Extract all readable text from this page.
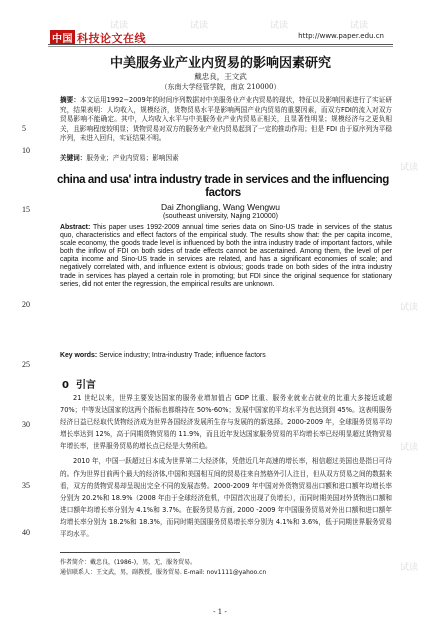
中国 科技论文在线	http://www.paper.edu.cn
试读	试读	试读	试读
试读
试读
试读
试读
5
10
15
20
25
30
35
40
中美服务业产业内贸易的影响因素研究
戴忠良，王文武
（东南大学经管学院，南京 210000）
摘要：本文运用1992−2009年的时间序列数据对中美服务业产业内贸易的现状，特征以及影响因素进行了实证研究，结果表明：人均收入，规模经济，货物贸易水平是影响两国产业内贸易的重要因素，而双方FDI的流入对双方贸易影响不能确定。其中，人均收入水平与中美服务业产业内贸易正相关，且显著性明显；规模经济与之更负相关，且影响程度较明显；货物贸易对双方的服务业产业内贸易起到了一定的推动作用；但是 FDI 由于原序列为平稳序列，未进入回归，实证结果不明。
关键词：服务业；产业内贸易；影响因素
china and usa' intra industry trade in services and the influencing factors
Dai Zhongliang, Wang Wengwu
(southeast university, Najing 210000)
Abstract: This paper uses 1992-2009 annual time series data on Sino-US trade in services of the status quo, characteristics and effect factors of the empirical study. The results show that: the per capita income, scale economy, the goods trade level is influenced by both the intra industry trade of important factors, while both the inflow of FDI on both sides of trade effects cannot be ascertained. Among them, the level of per capita income and Sino-US trade in services are related, and has a significant economies of scale; and negatively correlated with, and influence extent is obvious; goods trade on both sides of the intra industry trade in services has played a certain role in promoting; but FDI since the original sequence for stationary series, did not enter the regression, the empirical results are unknown.
Key words: Service industry; Intra-industry Trade; influence factors
0 引言

21 世纪以来，世界主要发达国家的服务业增加值占 GDP 比重、服务业就业占就业的比重大多接近或超 70%；中等发达国家的这两个指标也都维持在 50%-60%；发展中国家的平均水平为也达到到 45%。这表明服务经济日益已经取代货物经济成为世界各国经济发展所生存与发展的的新选择。2000-2009 年，全球服务贸易平均增长率达到 12%，高于同期货物贸易的 11.9%，而且近年发达国家服务贸易的平均增长率已经明显超过货物贸易年增长率，世界服务贸易的增长点已经是大势所趋。

2010 年，中国一跃超过日本成为世界第二大经济体，凭借近几年高速的增长率，相信超过美国也是指日可待的。作为世界目前两个最大的经济体,中国和美国相互间的贸易往来自然格外引人注目，但从双方贸易之间的数据来看，双方的货物贸易却呈现出完全不同的发展态势。2000-2009 年中国对外货物贸易出口额和进口额年均增长率分别为 20.2%和 18.9%（2008 年由于全球经济危机，中国首次出现了负增长），而同时期美国对外货物出口额和进口额年均增长率分别为 4.1%和 3.7%。在服务贸易方面, 2000 -2009 年中国服务贸易对外出口额和进口额年均增长率分别为 18.2%和 18.3%，而同时期美国服务贸易增长率分别为 4.1%和 3.6%，低于同期世界服务贸易平均水平。

作者简介：戴忠良，(1986-)，男，无，服务贸易。
通信联系人：王文武，男，副教授，服务贸易. E-mail: nov1111@yahoo.cn
- 1 -
